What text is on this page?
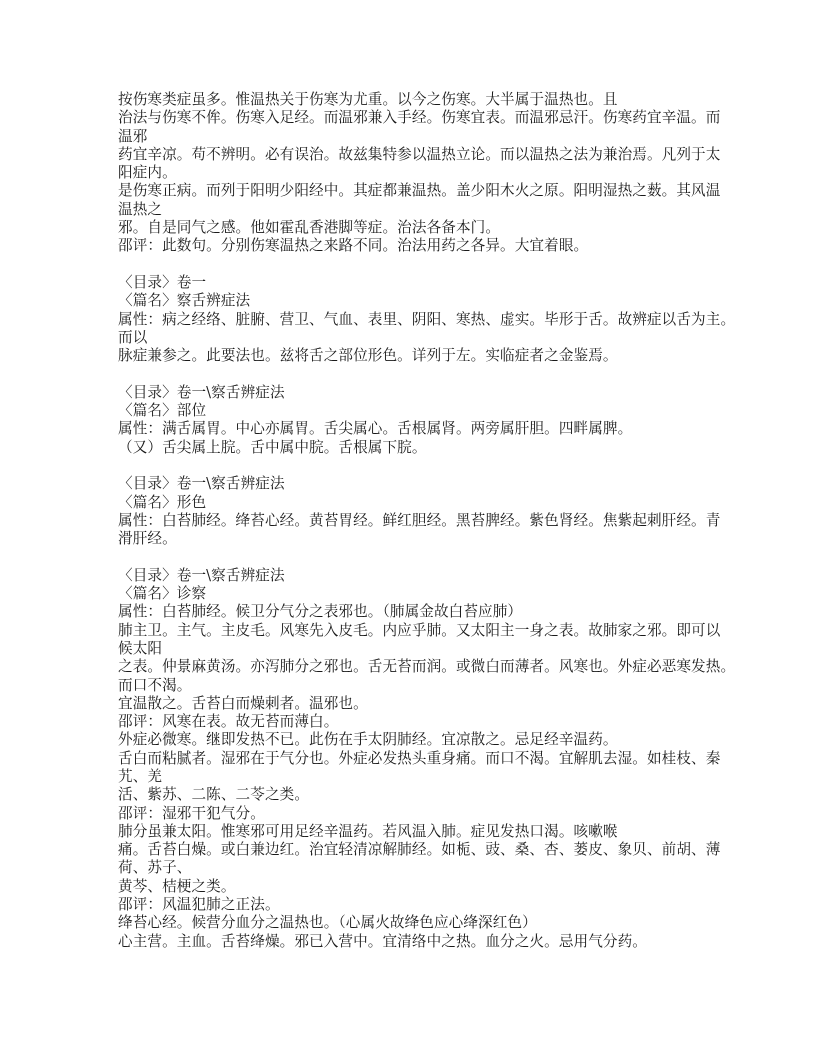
按伤寒类症虽多。惟温热关于伤寒为尤重。以今之伤寒。大半属于温热也。且
治法与伤寒不侔。伤寒入足经。而温邪兼入手经。伤寒宜表。而温邪忌汗。伤寒药宜辛温。而
温邪
药宜辛凉。苟不辨明。必有误治。故兹集特参以温热立论。而以温热之法为兼治焉。凡列于太
阳症内。
是伤寒正病。而列于阳明少阳经中。其症都兼温热。盖少阳木火之原。阳明湿热之薮。其风温
温热之
邪。自是同气之感。他如霍乱香港脚等症。治法各备本门。
邵评：此数句。分别伤寒温热之来路不同。治法用药之各异。大宜着眼。
〈目录〉卷一
〈篇名〉察舌辨症法
属性：病之经络、脏腑、营卫、气血、表里、阴阳、寒热、虚实。毕形于舌。故辨症以舌为主。
而以
脉症兼参之。此要法也。兹将舌之部位形色。详列于左。实临症者之金鉴焉。
〈目录〉卷一\察舌辨症法
〈篇名〉部位
属性：满舌属胃。中心亦属胃。舌尖属心。舌根属肾。两旁属肝胆。四畔属脾。
（又）舌尖属上脘。舌中属中脘。舌根属下脘。
〈目录〉卷一\察舌辨症法
〈篇名〉形色
属性：白苔肺经。绛苔心经。黄苔胃经。鲜红胆经。黑苔脾经。紫色肾经。焦紫起刺肝经。青
滑肝经。
〈目录〉卷一\察舌辨症法
〈篇名〉诊察
属性：白苔肺经。候卫分气分之表邪也。（肺属金故白苔应肺）
肺主卫。主气。主皮毛。风寒先入皮毛。内应乎肺。又太阳主一身之表。故肺家之邪。即可以
候太阳
之表。仲景麻黄汤。亦泻肺分之邪也。舌无苔而润。或微白而薄者。风寒也。外症必恶寒发热。
而口不渴。
宜温散之。舌苔白而燥刺者。温邪也。
邵评：风寒在表。故无苔而薄白。
外症必微寒。继即发热不已。此伤在手太阴肺经。宜凉散之。忌足经辛温药。
舌白而粘腻者。湿邪在于气分也。外症必发热头重身痛。而口不渴。宜解肌去湿。如桂枝、秦
艽、羌
活、紫苏、二陈、二苓之类。
邵评：湿邪干犯气分。
肺分虽兼太阳。惟寒邪可用足经辛温药。若风温入肺。症见发热口渴。咳嗽喉
痛。舌苔白燥。或白兼边红。治宜轻清凉解肺经。如栀、豉、桑、杏、蒌皮、象贝、前胡、薄
荷、苏子、
黄芩、桔梗之类。
邵评：风温犯肺之正法。
绛苔心经。候营分血分之温热也。（心属火故绛色应心绛深红色）
心主营。主血。舌苔绛燥。邪已入营中。宜清络中之热。血分之火。忌用气分药。
